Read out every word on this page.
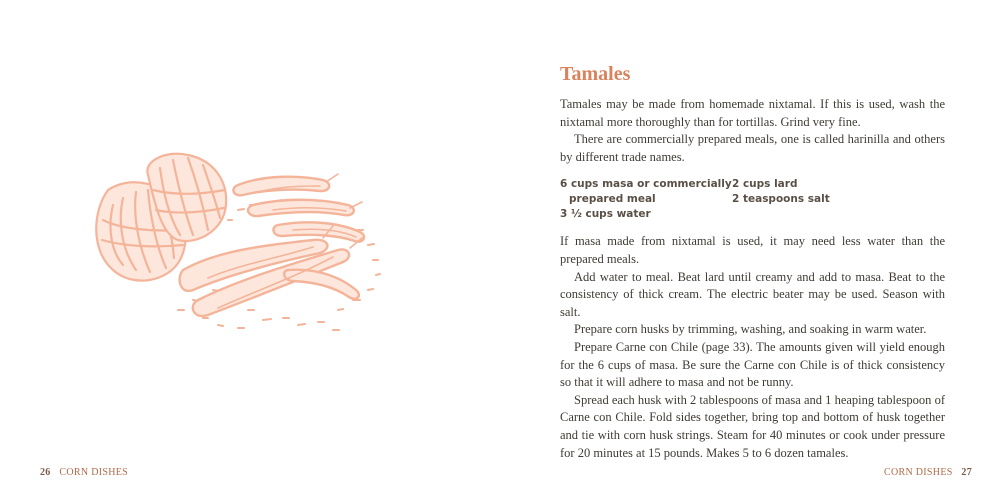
26 CORN DISHES
Tamales

Tamales may be made from homemade nixtamal. If this is used, wash the nixtamal more thoroughly than for tortillas. Grind very fine.

There are commercially prepared meals, one is called harinilla and others by different trade names.

6 cups masa or commercially
prepared meal
3 ½ cups water
2 cups lard
2 teaspoons salt

If masa made from nixtamal is used, it may need less water than the prepared meals.

Add water to meal. Beat lard until creamy and add to masa. Beat to the consistency of thick cream. The electric beater may be used. Season with salt.

Prepare corn husks by trimming, washing, and soaking in warm water.

Prepare Carne con Chile (page 33). The amounts given will yield enough for the 6 cups of masa. Be sure the Carne con Chile is of thick consistency so that it will adhere to masa and not be runny.

Spread each husk with 2 tablespoons of masa and 1 heaping tablespoon of Carne con Chile. Fold sides together, bring top and bottom of husk together and tie with corn husk strings. Steam for 40 minutes or cook under pressure for 20 minutes at 15 pounds. Makes 5 to 6 dozen tamales.

CORN DISHES 27
